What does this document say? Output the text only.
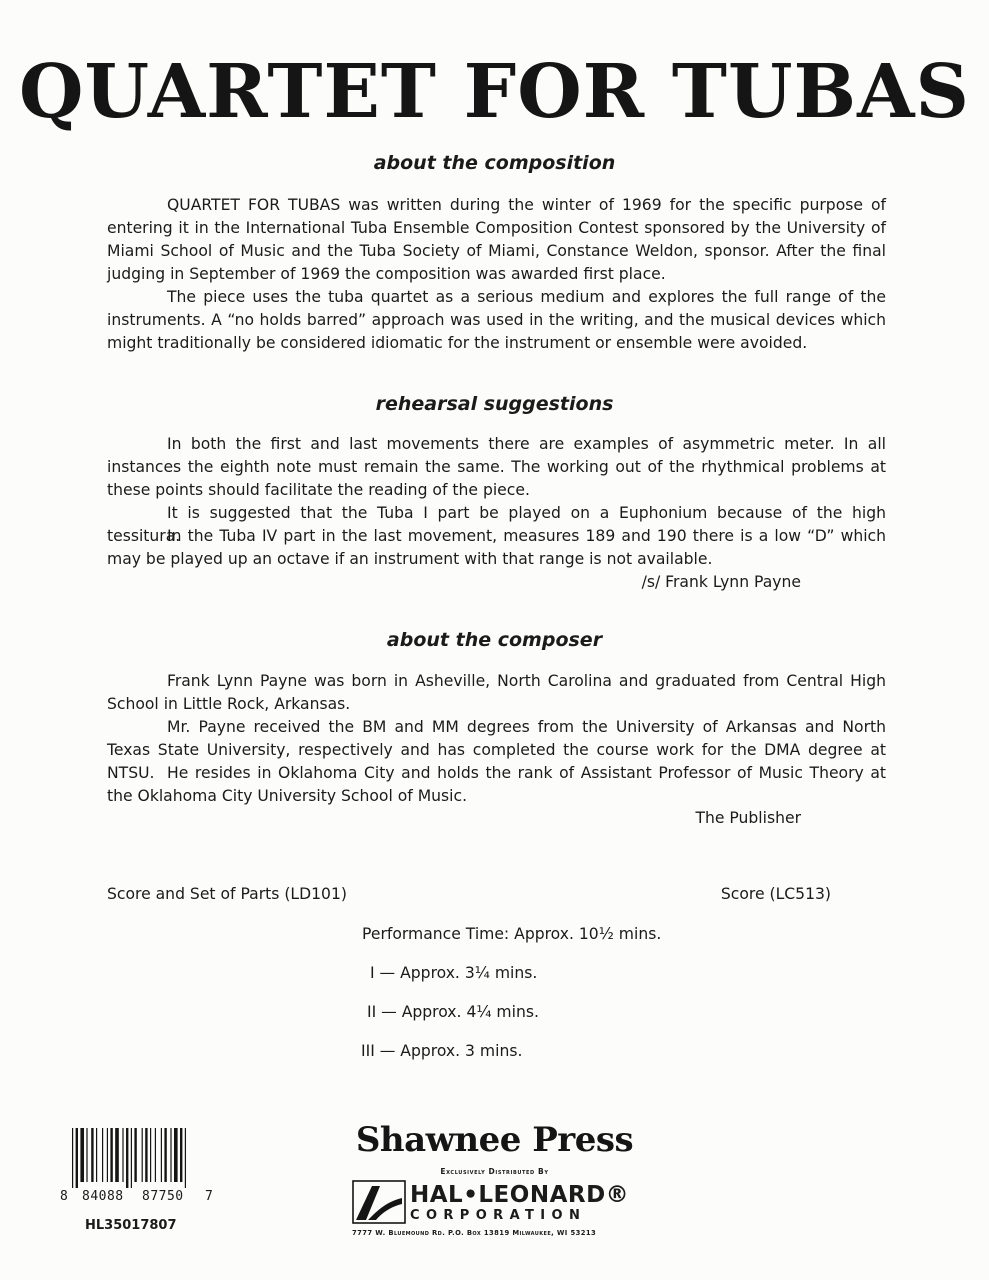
QUARTET FOR TUBAS
about the composition

QUARTET FOR TUBAS was written during the winter of 1969 for the specific purpose of entering it in the International Tuba Ensemble Composition Contest sponsored by the University of Miami School of Music and the Tuba Society of Miami, Constance Weldon, sponsor. After the final judging in September of 1969 the composition was awarded first place.

The piece uses the tuba quartet as a serious medium and explores the full range of the instruments. A “no holds barred” approach was used in the writing, and the musical devices which might traditionally be considered idiomatic for the instrument or ensemble were avoided.

rehearsal suggestions

In both the first and last movements there are examples of asymmetric meter. In all instances the eighth note must remain the same. The working out of the rhythmical problems at these points should facilitate the reading of the piece.

It is suggested that the Tuba I part be played on a Euphonium because of the high tessitura.

In the Tuba IV part in the last movement, measures 189 and 190 there is a low “D” which may be played up an octave if an instrument with that range is not available.

/s/ Frank Lynn Payne

about the composer

Frank Lynn Payne was born in Asheville, North Carolina and graduated from Central High School in Little Rock, Arkansas.

Mr. Payne received the BM and MM degrees from the University of Arkansas and North Texas State University, respectively and has completed the course work for the DMA degree at NTSU. He resides in Oklahoma City and holds the rank of Assistant Professor of Music Theory at the Oklahoma City University School of Music.

The Publisher

Score and Set of Parts (LD101)	Score (LC513)

Performance Time: Approx. 10½ mins.

I — Approx. 3¼ mins.

II — Approx. 4¼ mins.

III — Approx. 3 mins.

8 84088 87750 7
HL35017807
Shawnee Press
Exclusively Distributed By
HAL•LEONARD®
CORPORATION
7777 W. Bluemound Rd. P.O. Box 13819 Milwaukee, WI 53213
